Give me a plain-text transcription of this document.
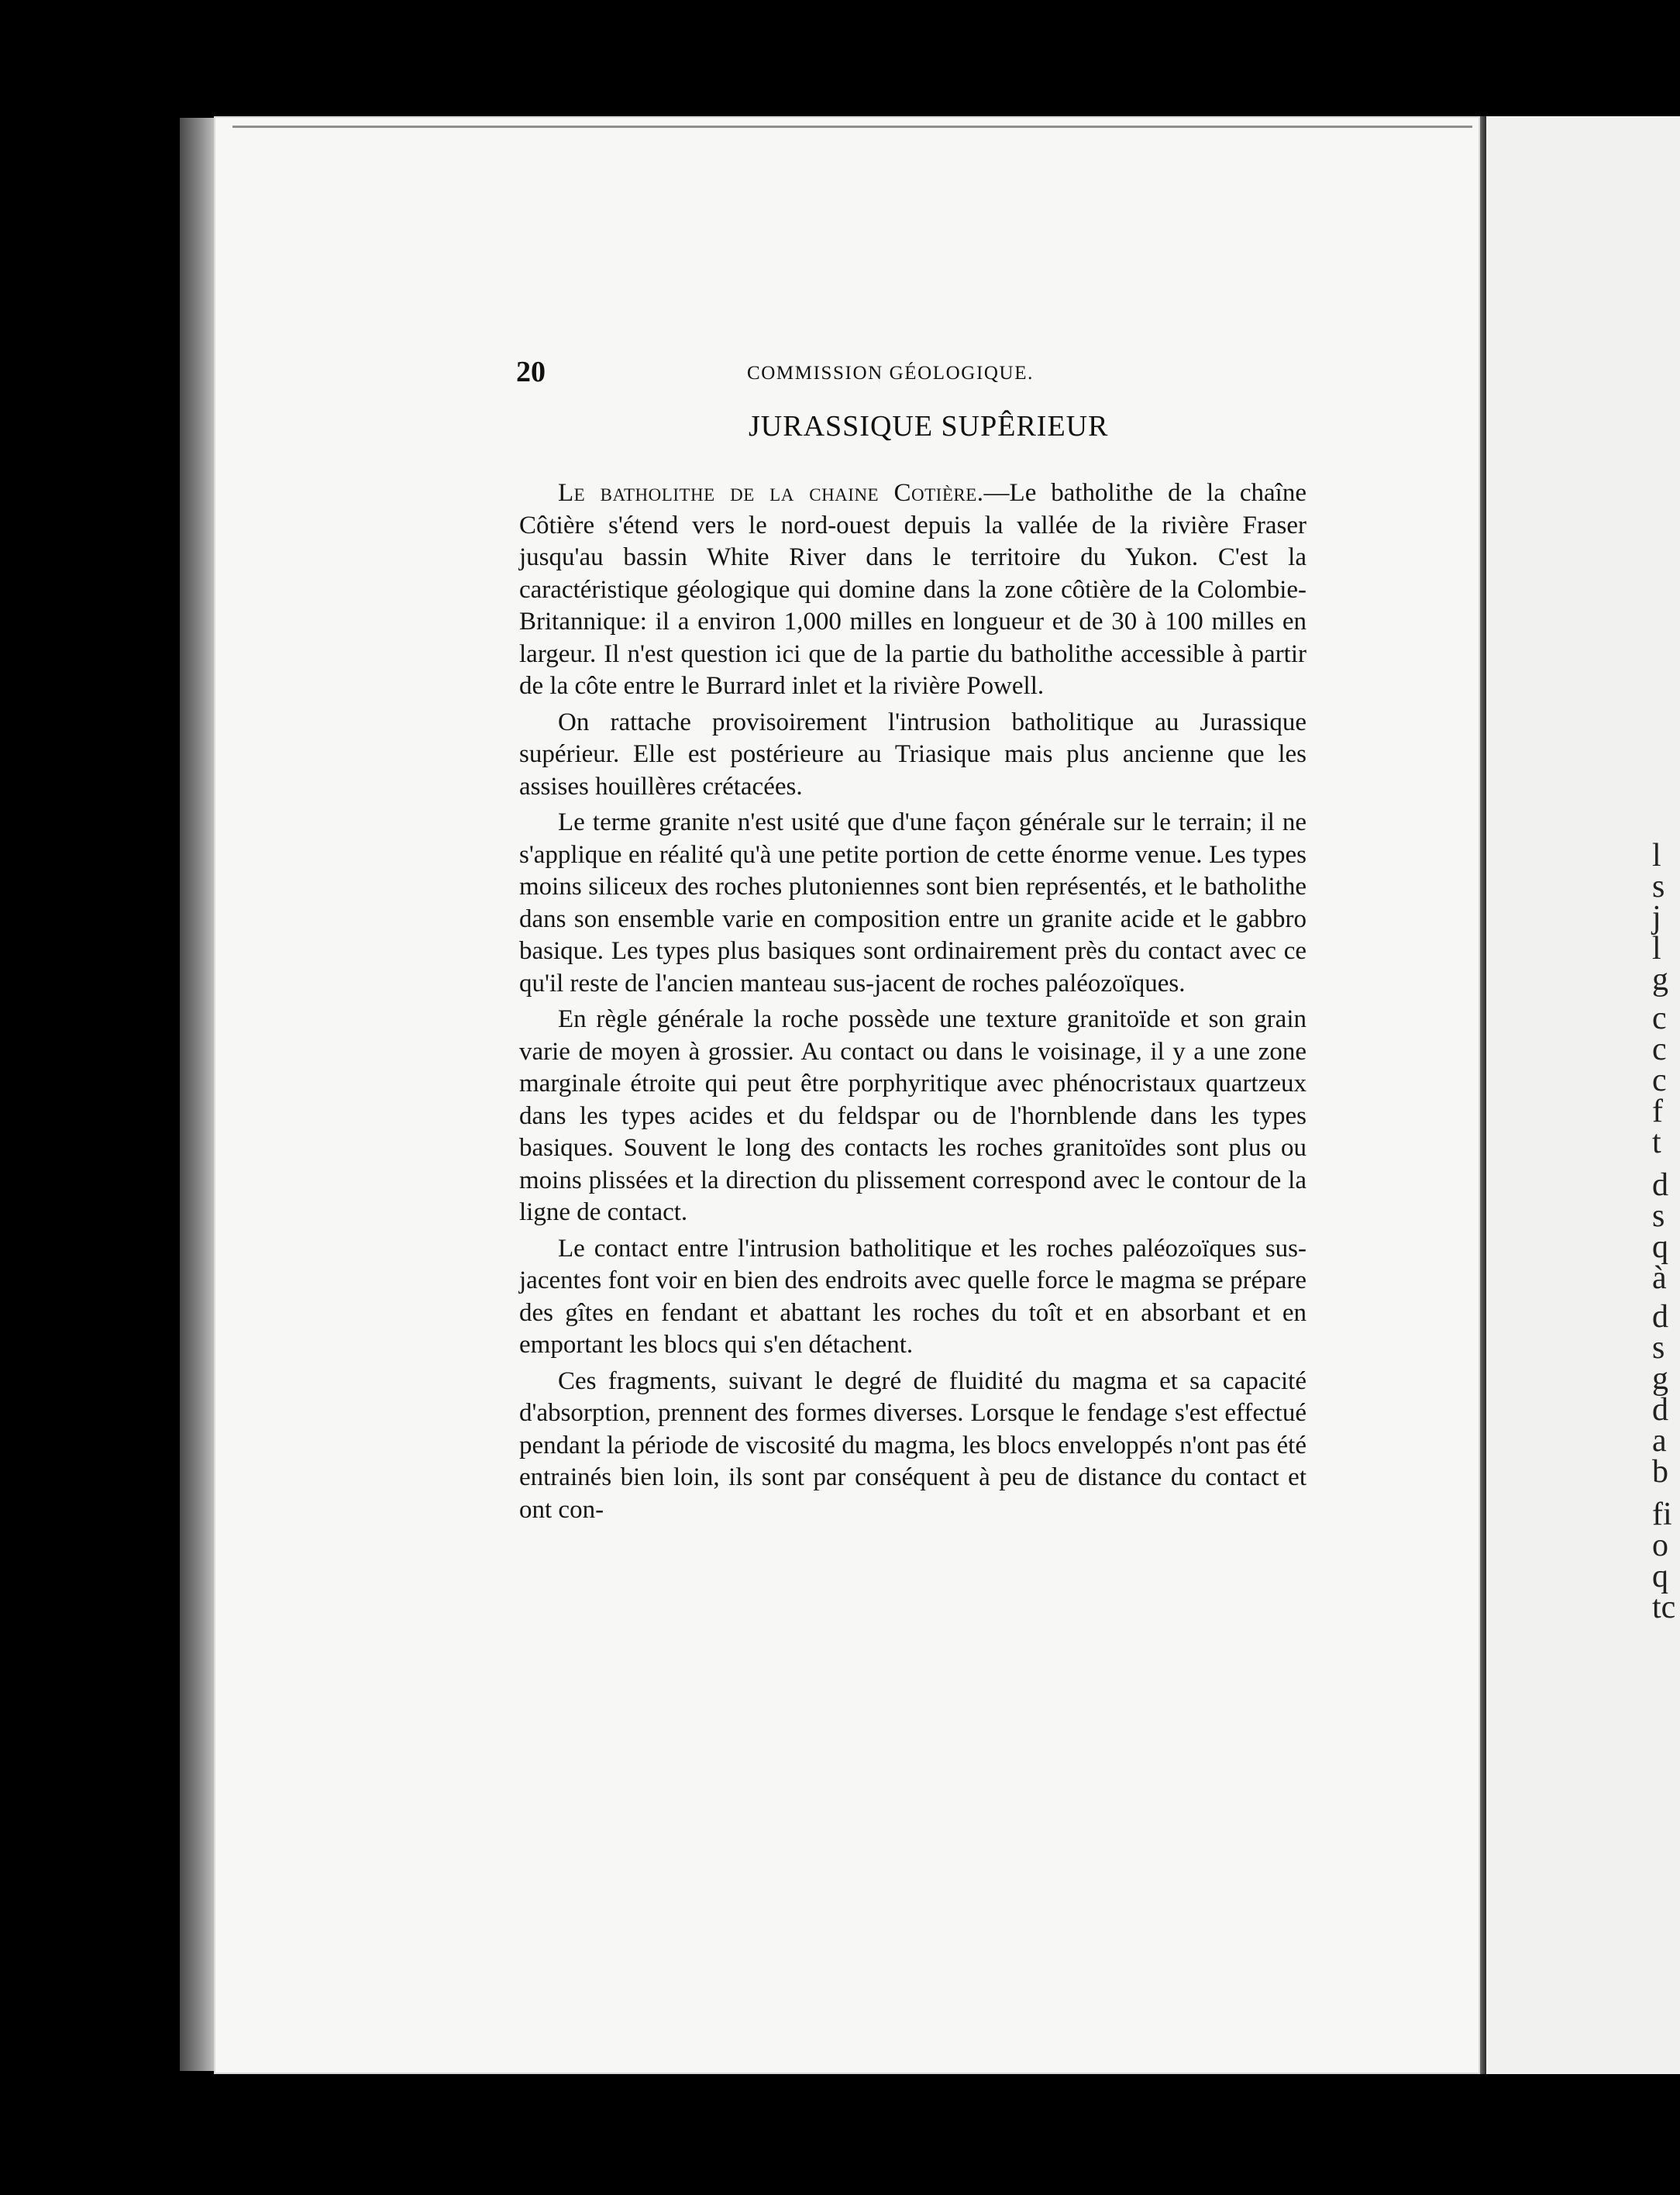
l
s
j
l
g
c
c
c
f
t
d
s
q
à
d
s
g
d
a
b
fi
o
q
tc
20	COMMISSION GÉOLOGIQUE.
JURASSIQUE SUPÊRIEUR

Le batholithe de la chaine Cotière.—Le batholithe de la chaîne Côtière s'étend vers le nord-ouest depuis la vallée de la rivière Fraser jusqu'au bassin White River dans le territoire du Yukon. C'est la caractéristique géologique qui domine dans la zone côtière de la Colombie-Britannique: il a environ 1,000 milles en longueur et de 30 à 100 milles en largeur. Il n'est question ici que de la partie du batholithe accessible à partir de la côte entre le Burrard inlet et la rivière Powell.

On rattache provisoirement l'intrusion batholitique au Jurassique supérieur. Elle est postérieure au Triasique mais plus ancienne que les assises houillères crétacées.

Le terme granite n'est usité que d'une façon générale sur le terrain; il ne s'applique en réalité qu'à une petite portion de cette énorme venue. Les types moins siliceux des roches plutoniennes sont bien représentés, et le batholithe dans son ensemble varie en composition entre un granite acide et le gabbro basique. Les types plus basiques sont ordinairement près du contact avec ce qu'il reste de l'ancien manteau sus-jacent de roches paléozoïques.

En règle générale la roche possède une texture granitoïde et son grain varie de moyen à grossier. Au contact ou dans le voisinage, il y a une zone marginale étroite qui peut être porphyritique avec phénocristaux quartzeux dans les types acides et du feldspar ou de l'hornblende dans les types basiques. Souvent le long des contacts les roches granitoïdes sont plus ou moins plissées et la direction du plissement correspond avec le contour de la ligne de contact.

Le contact entre l'intrusion batholitique et les roches paléozoïques sus-jacentes font voir en bien des endroits avec quelle force le magma se prépare des gîtes en fendant et abattant les roches du toît et en absorbant et en emportant les blocs qui s'en détachent.

Ces fragments, suivant le degré de fluidité du magma et sa capacité d'absorption, prennent des formes diverses. Lorsque le fendage s'est effectué pendant la période de viscosité du magma, les blocs enveloppés n'ont pas été entrainés bien loin, ils sont par conséquent à peu de distance du contact et ont con-
